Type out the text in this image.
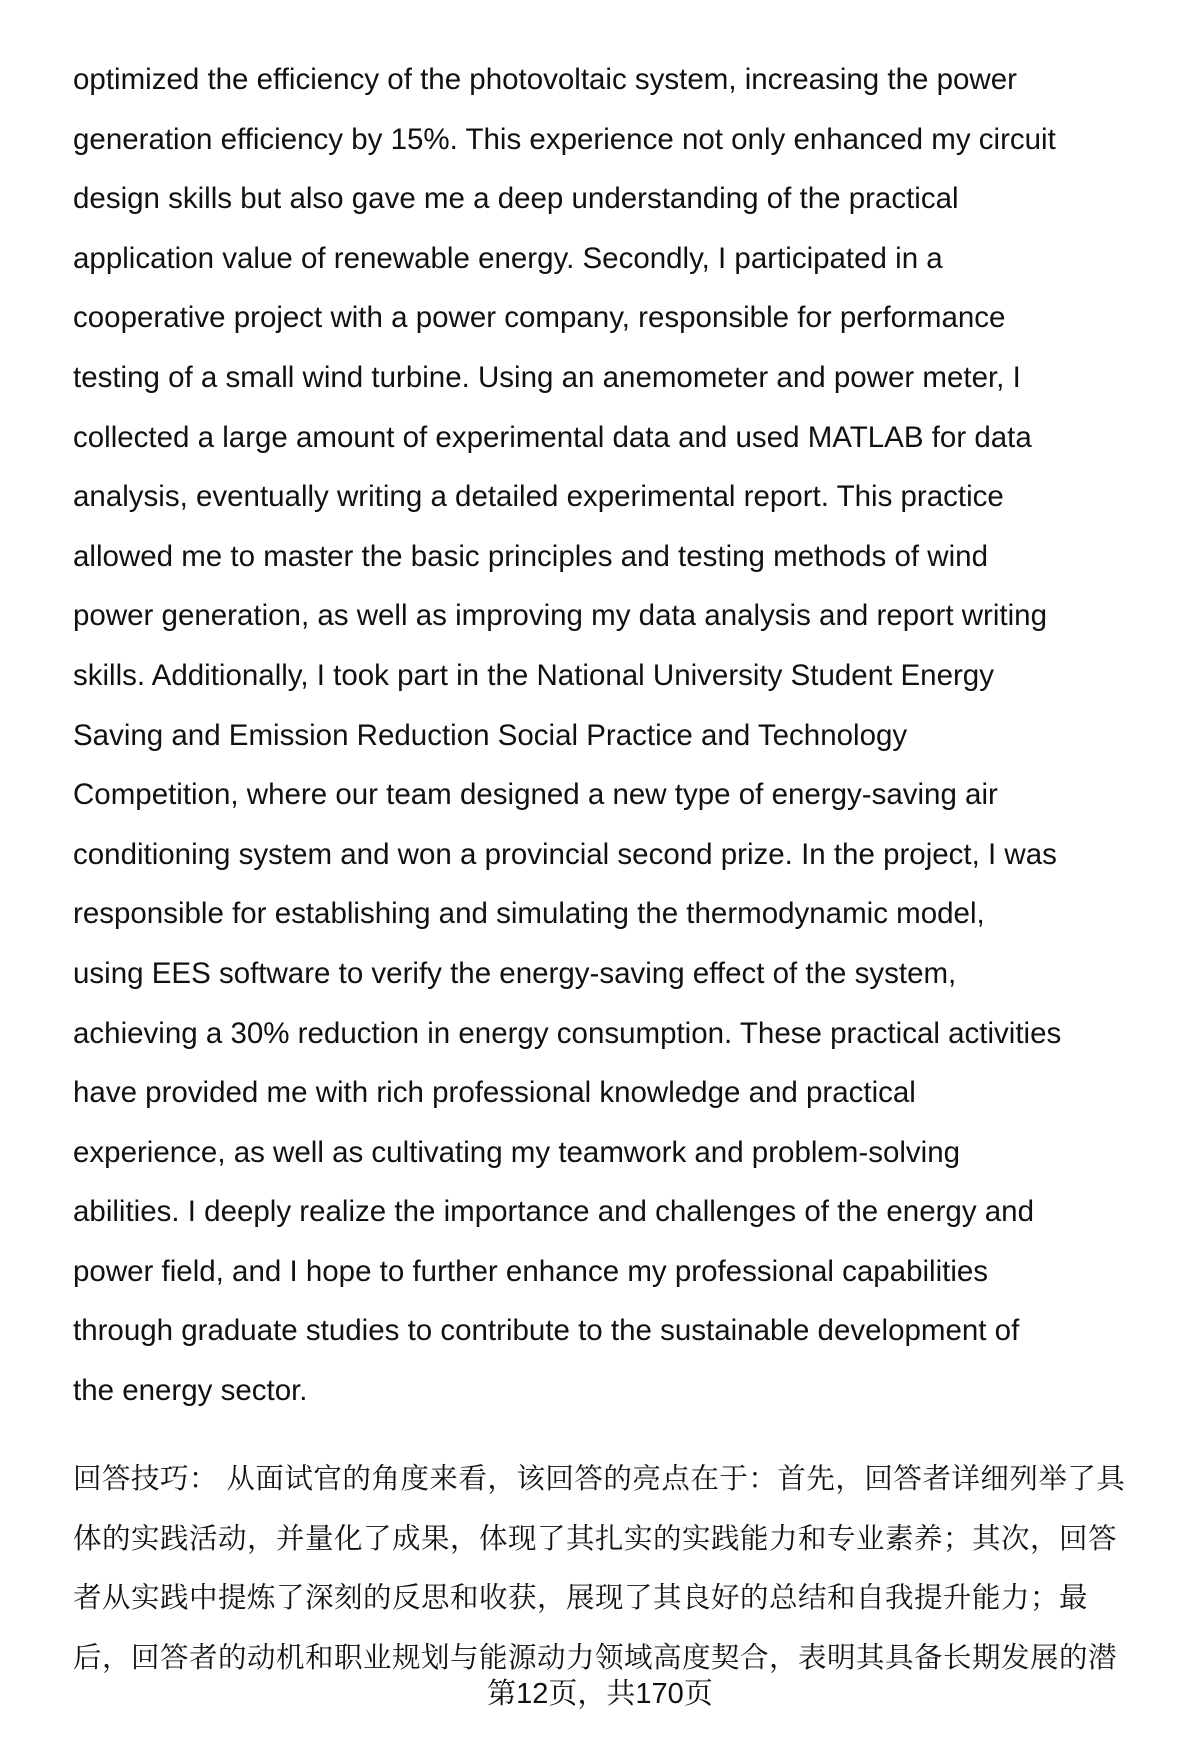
optimized the efficiency of the photovoltaic system, increasing the power
generation efficiency by 15%. This experience not only enhanced my circuit
design skills but also gave me a deep understanding of the practical
application value of renewable energy. Secondly, I participated in a
cooperative project with a power company, responsible for performance
testing of a small wind turbine. Using an anemometer and power meter, I
collected a large amount of experimental data and used MATLAB for data
analysis, eventually writing a detailed experimental report. This practice
allowed me to master the basic principles and testing methods of wind
power generation, as well as improving my data analysis and report writing
skills. Additionally, I took part in the National University Student Energy
Saving and Emission Reduction Social Practice and Technology
Competition, where our team designed a new type of energy-saving air
conditioning system and won a provincial second prize. In the project, I was
responsible for establishing and simulating the thermodynamic model,
using EES software to verify the energy-saving effect of the system,
achieving a 30% reduction in energy consumption. These practical activities
have provided me with rich professional knowledge and practical
experience, as well as cultivating my teamwork and problem-solving
abilities. I deeply realize the importance and challenges of the energy and
power field, and I hope to further enhance my professional capabilities
through graduate studies to contribute to the sustainable development of
the energy sector.
回答技巧： 从面试官的角度来看，该回答的亮点在于：首先，回答者详细列举了具
体的实践活动，并量化了成果，体现了其扎实的实践能力和专业素养；其次，回答
者从实践中提炼了深刻的反思和收获，展现了其良好的总结和自我提升能力；最
后，回答者的动机和职业规划与能源动力领域高度契合，表明其具备长期发展的潜
第12页，共170页
